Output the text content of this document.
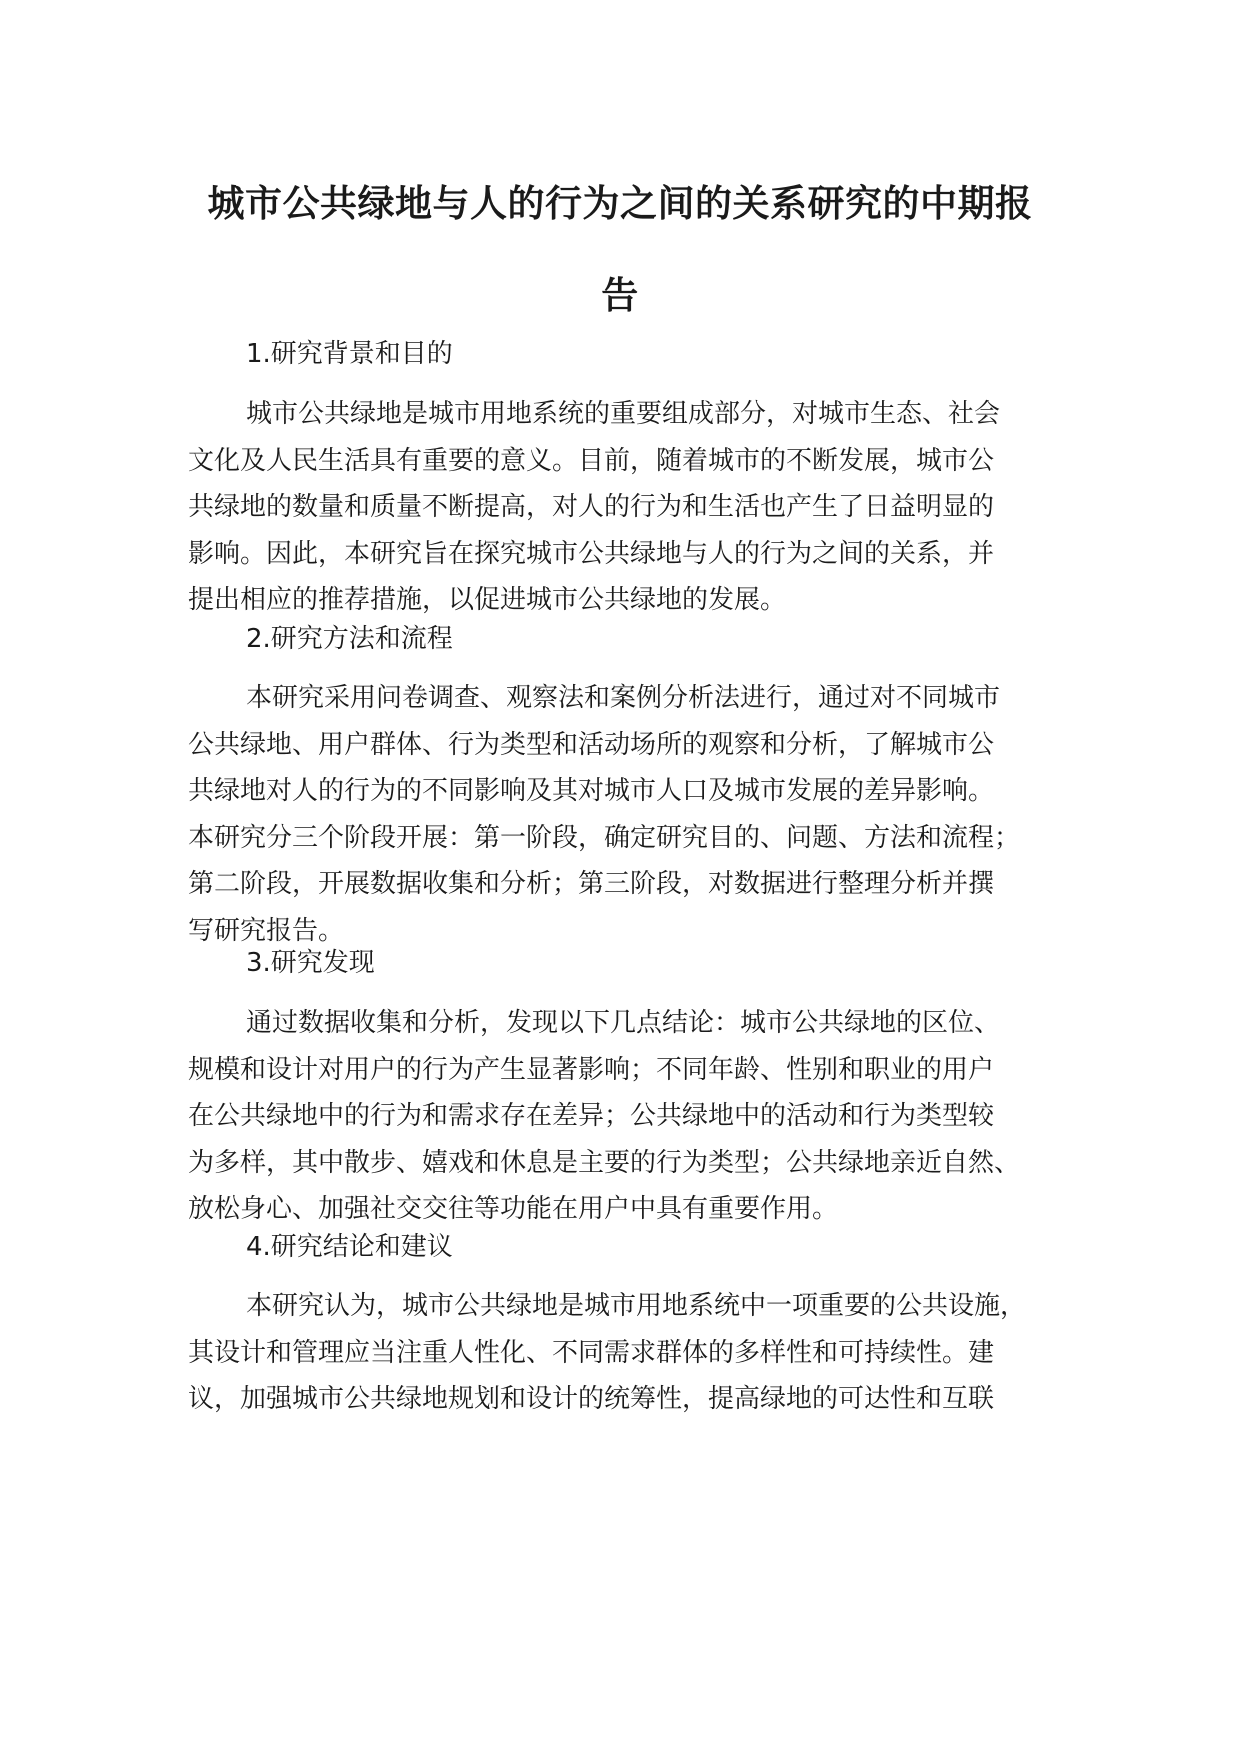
城市公共绿地与人的行为之间的关系研究的中期报
告
1.研究背景和目的
城市公共绿地是城市用地系统的重要组成部分，对城市生态、社会
文化及人民生活具有重要的意义。目前，随着城市的不断发展，城市公
共绿地的数量和质量不断提高，对人的行为和生活也产生了日益明显的
影响。因此，本研究旨在探究城市公共绿地与人的行为之间的关系，并
提出相应的推荐措施，以促进城市公共绿地的发展。
2.研究方法和流程
本研究采用问卷调查、观察法和案例分析法进行，通过对不同城市
公共绿地、用户群体、行为类型和活动场所的观察和分析，了解城市公
共绿地对人的行为的不同影响及其对城市人口及城市发展的差异影响。
本研究分三个阶段开展：第一阶段，确定研究目的、问题、方法和流程；
第二阶段，开展数据收集和分析；第三阶段，对数据进行整理分析并撰
写研究报告。
3.研究发现
通过数据收集和分析，发现以下几点结论：城市公共绿地的区位、
规模和设计对用户的行为产生显著影响；不同年龄、性别和职业的用户
在公共绿地中的行为和需求存在差异；公共绿地中的活动和行为类型较
为多样，其中散步、嬉戏和休息是主要的行为类型；公共绿地亲近自然、
放松身心、加强社交交往等功能在用户中具有重要作用。
4.研究结论和建议
本研究认为，城市公共绿地是城市用地系统中一项重要的公共设施，
其设计和管理应当注重人性化、不同需求群体的多样性和可持续性。建
议，加强城市公共绿地规划和设计的统筹性，提高绿地的可达性和互联
